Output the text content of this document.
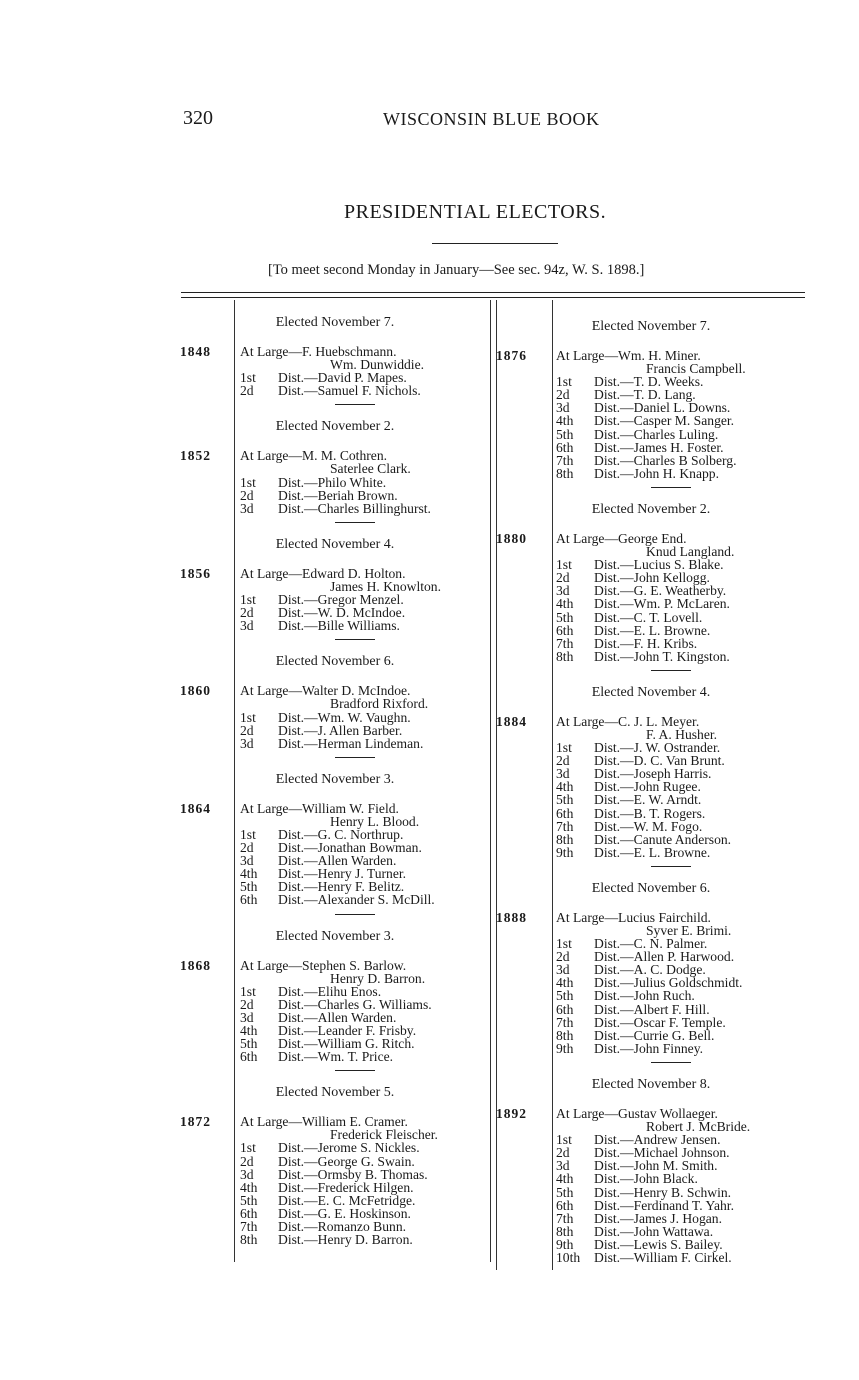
320	WISCONSIN BLUE BOOK
PRESIDENTIAL ELECTORS.
[To meet second Monday in January—See sec. 94z, W. S. 1898.]
Elected November 7.
1848 At Large—F. Huebschmann.
Wm. Dunwiddie.
1st Dist.—David P. Mapes.
2d Dist.—Samuel F. Nichols.
Elected November 2.
1852 At Large—M. M. Cothren.
Saterlee Clark.
1st Dist.—Philo White.
2d Dist.—Beriah Brown.
3d Dist.—Charles Billinghurst.
Elected November 4.
1856 At Large—Edward D. Holton.
James H. Knowlton.
1st Dist.—Gregor Menzel.
2d Dist.—W. D. McIndoe.
3d Dist.—Bille Williams.
Elected November 6.
1860 At Large—Walter D. McIndoe.
Bradford Rixford.
1st Dist.—Wm. W. Vaughn.
2d Dist.—J. Allen Barber.
3d Dist.—Herman Lindeman.
Elected November 3.
1864 At Large—William W. Field.
Henry L. Blood.
1st Dist.—G. C. Northrup.
2d Dist.—Jonathan Bowman.
3d Dist.—Allen Warden.
4th Dist.—Henry J. Turner.
5th Dist.—Henry F. Belitz.
6th Dist.—Alexander S. McDill.
Elected November 3.
1868 At Large—Stephen S. Barlow.
Henry D. Barron.
1st Dist.—Elihu Enos.
2d Dist.—Charles G. Williams.
3d Dist.—Allen Warden.
4th Dist.—Leander F. Frisby.
5th Dist.—William G. Ritch.
6th Dist.—Wm. T. Price.
Elected November 5.
1872 At Large—William E. Cramer.
Frederick Fleischer.
1st Dist.—Jerome S. Nickles.
2d Dist.—George G. Swain.
3d Dist.—Ormsby B. Thomas.
4th Dist.—Frederick Hilgen.
5th Dist.—E. C. McFetridge.
6th Dist.—G. E. Hoskinson.
7th Dist.—Romanzo Bunn.
8th Dist.—Henry D. Barron.
Elected November 7.
1876 At Large—Wm. H. Miner.
Francis Campbell.
1st Dist.—T. D. Weeks.
2d Dist.—T. D. Lang.
3d Dist.—Daniel L. Downs.
4th Dist.—Casper M. Sanger.
5th Dist.—Charles Luling.
6th Dist.—James H. Foster.
7th Dist.—Charles B Solberg.
8th Dist.—John H. Knapp.
Elected November 2.
1880 At Large—George End.
Knud Langland.
1st Dist.—Lucius S. Blake.
2d Dist.—John Kellogg.
3d Dist.—G. E. Weatherby.
4th Dist.—Wm. P. McLaren.
5th Dist.—C. T. Lovell.
6th Dist.—E. L. Browne.
7th Dist.—F. H. Kribs.
8th Dist.—John T. Kingston.
Elected November 4.
1884 At Large—C. J. L. Meyer.
F. A. Husher.
1st Dist.—J. W. Ostrander.
2d Dist.—D. C. Van Brunt.
3d Dist.—Joseph Harris.
4th Dist.—John Rugee.
5th Dist.—E. W. Arndt.
6th Dist.—B. T. Rogers.
7th Dist.—W. M. Fogo.
8th Dist.—Canute Anderson.
9th Dist.—E. L. Browne.
Elected November 6.
1888 At Large—Lucius Fairchild.
Syver E. Brimi.
1st Dist.—C. N. Palmer.
2d Dist.—Allen P. Harwood.
3d Dist.—A. C. Dodge.
4th Dist.—Julius Goldschmidt.
5th Dist.—John Ruch.
6th Dist.—Albert F. Hill.
7th Dist.—Oscar F. Temple.
8th Dist.—Currie G. Bell.
9th Dist.—John Finney.
Elected November 8.
1892 At Large—Gustav Wollaeger.
Robert J. McBride.
1st Dist.—Andrew Jensen.
2d Dist.—Michael Johnson.
3d Dist.—John M. Smith.
4th Dist.—John Black.
5th Dist.—Henry B. Schwin.
6th Dist.—Ferdinand T. Yahr.
7th Dist.—James J. Hogan.
8th Dist.—John Wattawa.
9th Dist.—Lewis S. Bailey.
10th Dist.—William F. Cirkel.
